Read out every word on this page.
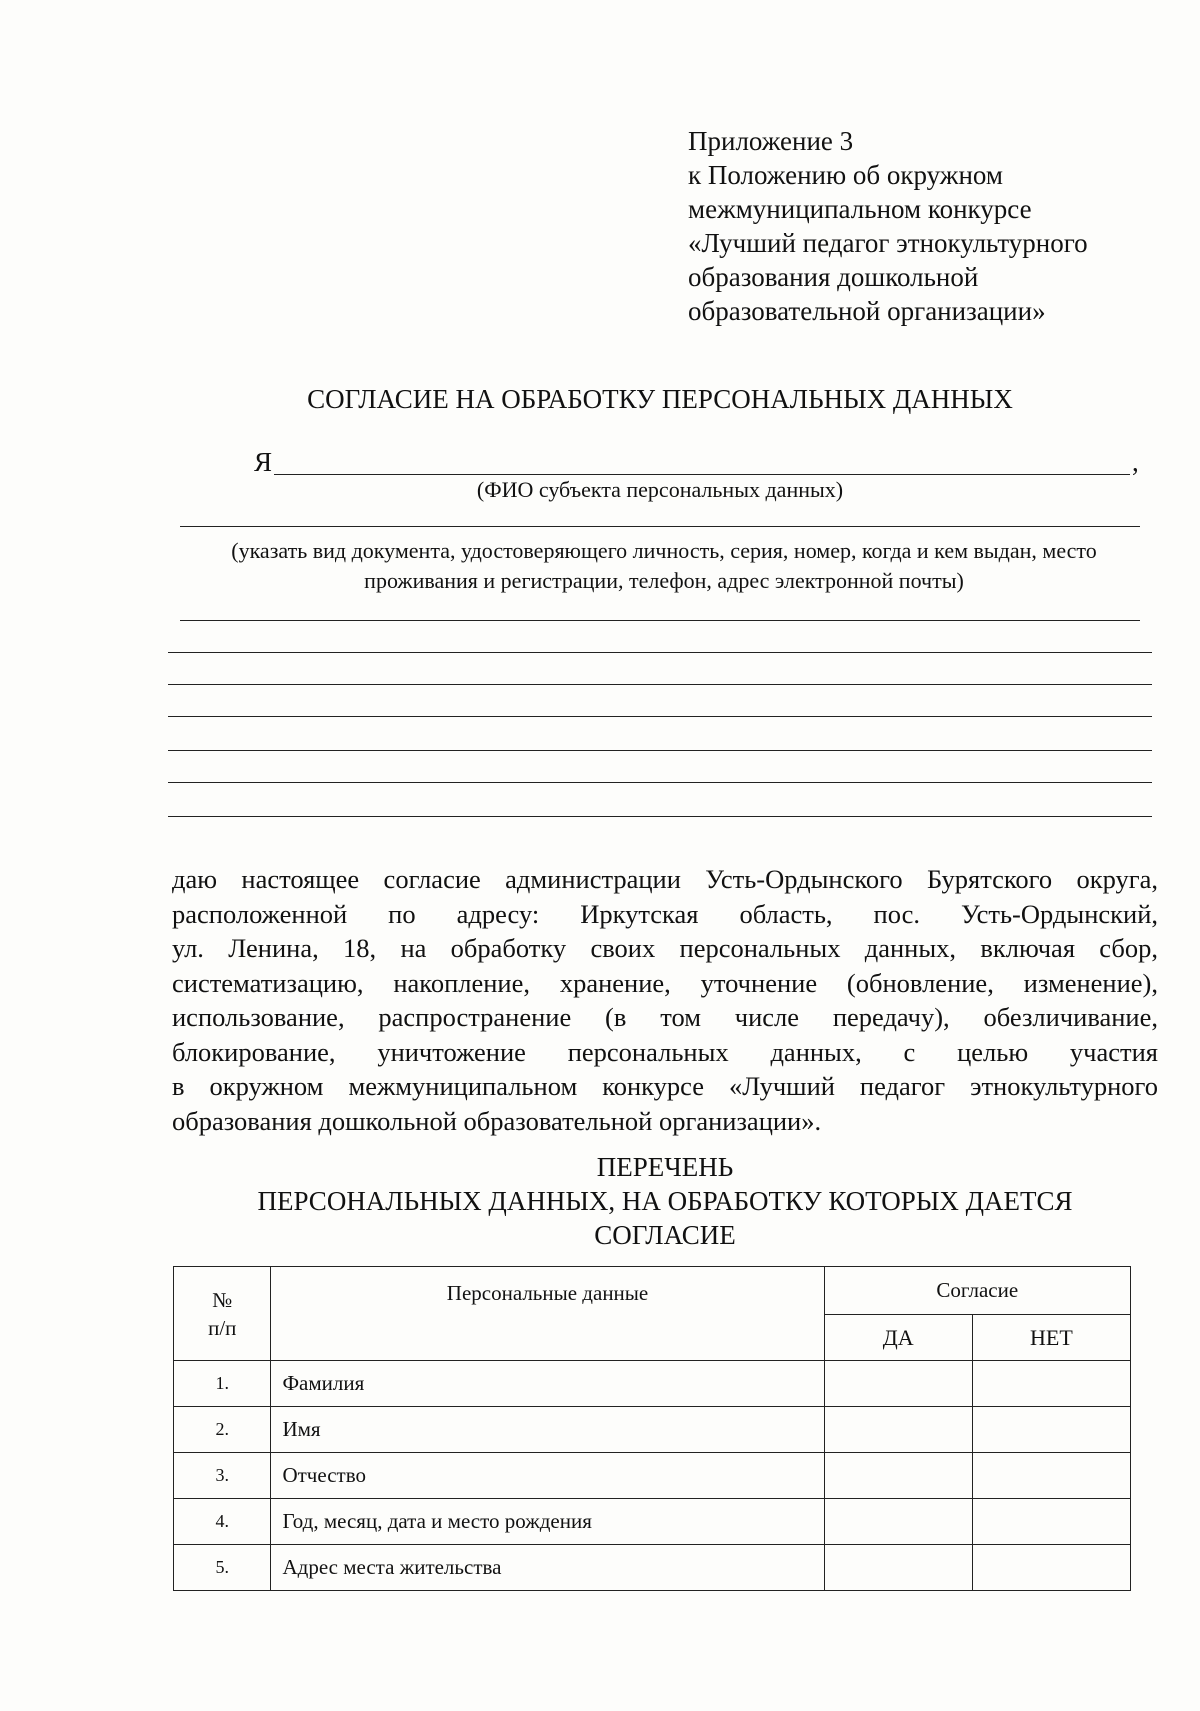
Приложение 3
к Положению об окружном
межмуниципальном конкурсе
«Лучший педагог этнокультурного
образования дошкольной
образовательной организации»
СОГЛАСИЕ НА ОБРАБОТКУ ПЕРСОНАЛЬНЫХ ДАННЫХ
Я	,
(ФИО субъекта персональных данных)
(указать вид документа, удостоверяющего личность, серия, номер, когда и кем выдан, место
проживания и регистрации, телефон, адрес электронной почты)
даю настоящее согласие администрации Усть-Ордынского Бурятского округа,
расположенной по адресу: Иркутская область, пос. Усть-Ордынский,
ул. Ленина, 18, на обработку своих персональных данных, включая сбор,
систематизацию, накопление, хранение, уточнение (обновление, изменение),
использование, распространение (в том числе передачу), обезличивание,
блокирование, уничтожение персональных данных, с целью участия
в окружном межмуниципальном конкурсе «Лучший педагог этнокультурного
образования дошкольной образовательной организации».
ПЕРЕЧЕНЬ
ПЕРСОНАЛЬНЫХ ДАННЫХ, НА ОБРАБОТКУ КОТОРЫХ ДАЕТСЯ
СОГЛАСИЕ
№
п/п	Персональные данные	Согласие	
		ДА	НЕТ
1.	Фамилия		
2.	Имя		
3.	Отчество		
4.	Год, месяц, дата и место рождения		
5.	Адрес места жительства		
